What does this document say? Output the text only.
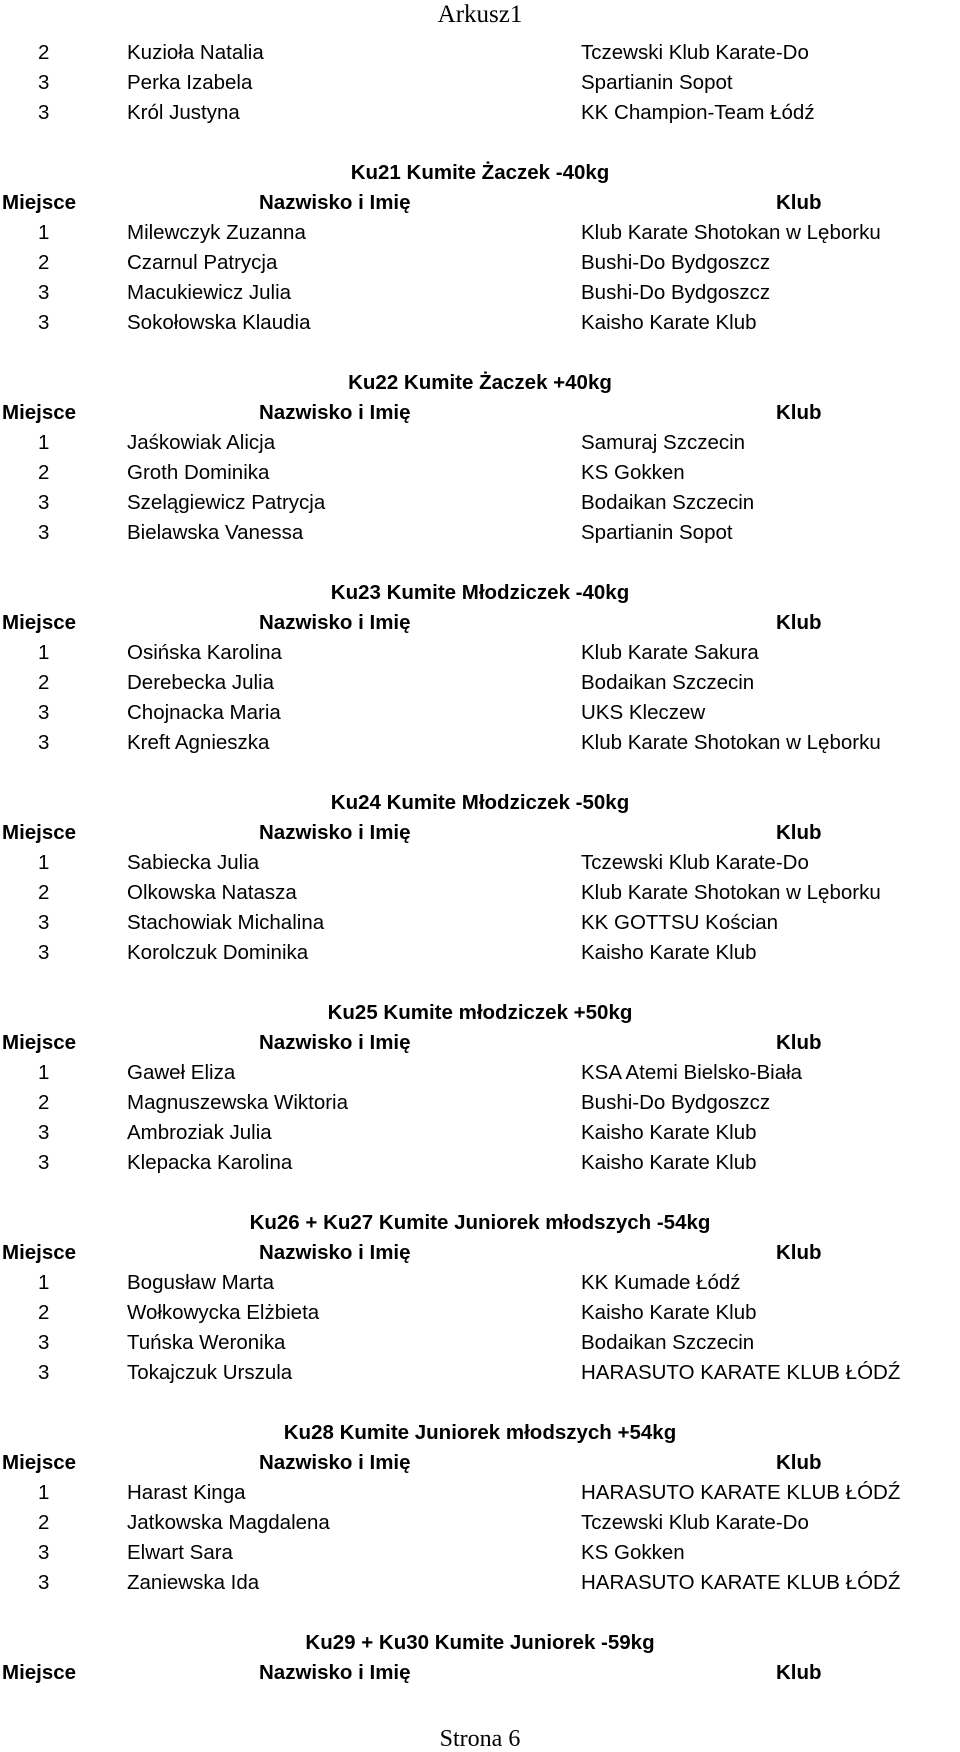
Arkusz1
2	Kuzioła Natalia	Tczewski Klub Karate-Do
3	Perka Izabela	Spartianin Sopot
3	Król Justyna	KK Champion-Team Łódź
Ku21 Kumite Żaczek -40kg
Miejsce	Nazwisko i Imię	Klub
1	Milewczyk Zuzanna	Klub Karate Shotokan w Lęborku
2	Czarnul Patrycja	Bushi-Do Bydgoszcz
3	Macukiewicz Julia	Bushi-Do Bydgoszcz
3	Sokołowska Klaudia	Kaisho Karate Klub
Ku22 Kumite Żaczek +40kg
Miejsce	Nazwisko i Imię	Klub
1	Jaśkowiak Alicja	Samuraj Szczecin
2	Groth Dominika	KS Gokken
3	Szelągiewicz Patrycja	Bodaikan Szczecin
3	Bielawska Vanessa	Spartianin Sopot
Ku23 Kumite Młodziczek -40kg
Miejsce	Nazwisko i Imię	Klub
1	Osińska Karolina	Klub Karate Sakura
2	Derebecka Julia	Bodaikan Szczecin
3	Chojnacka Maria	UKS Kleczew
3	Kreft Agnieszka	Klub Karate Shotokan w Lęborku
Ku24 Kumite Młodziczek -50kg
Miejsce	Nazwisko i Imię	Klub
1	Sabiecka Julia	Tczewski Klub Karate-Do
2	Olkowska Natasza	Klub Karate Shotokan w Lęborku
3	Stachowiak Michalina	KK GOTTSU Kościan
3	Korolczuk Dominika	Kaisho Karate Klub
Ku25 Kumite młodziczek +50kg
Miejsce	Nazwisko i Imię	Klub
1	Gaweł Eliza	KSA Atemi Bielsko-Biała
2	Magnuszewska Wiktoria	Bushi-Do Bydgoszcz
3	Ambroziak Julia	Kaisho Karate Klub
3	Klepacka Karolina	Kaisho Karate Klub
Ku26 + Ku27 Kumite Juniorek młodszych -54kg
Miejsce	Nazwisko i Imię	Klub
1	Bogusław Marta	KK Kumade Łódź
2	Wołkowycka Elżbieta	Kaisho Karate Klub
3	Tuńska Weronika	Bodaikan Szczecin
3	Tokajczuk Urszula	HARASUTO KARATE KLUB ŁÓDŹ
Ku28 Kumite Juniorek młodszych +54kg
Miejsce	Nazwisko i Imię	Klub
1	Harast Kinga	HARASUTO KARATE KLUB ŁÓDŹ
2	Jatkowska Magdalena	Tczewski Klub Karate-Do
3	Elwart Sara	KS Gokken
3	Zaniewska Ida	HARASUTO KARATE KLUB ŁÓDŹ
Ku29 + Ku30 Kumite Juniorek -59kg
Miejsce	Nazwisko i Imię	Klub
Strona 6
